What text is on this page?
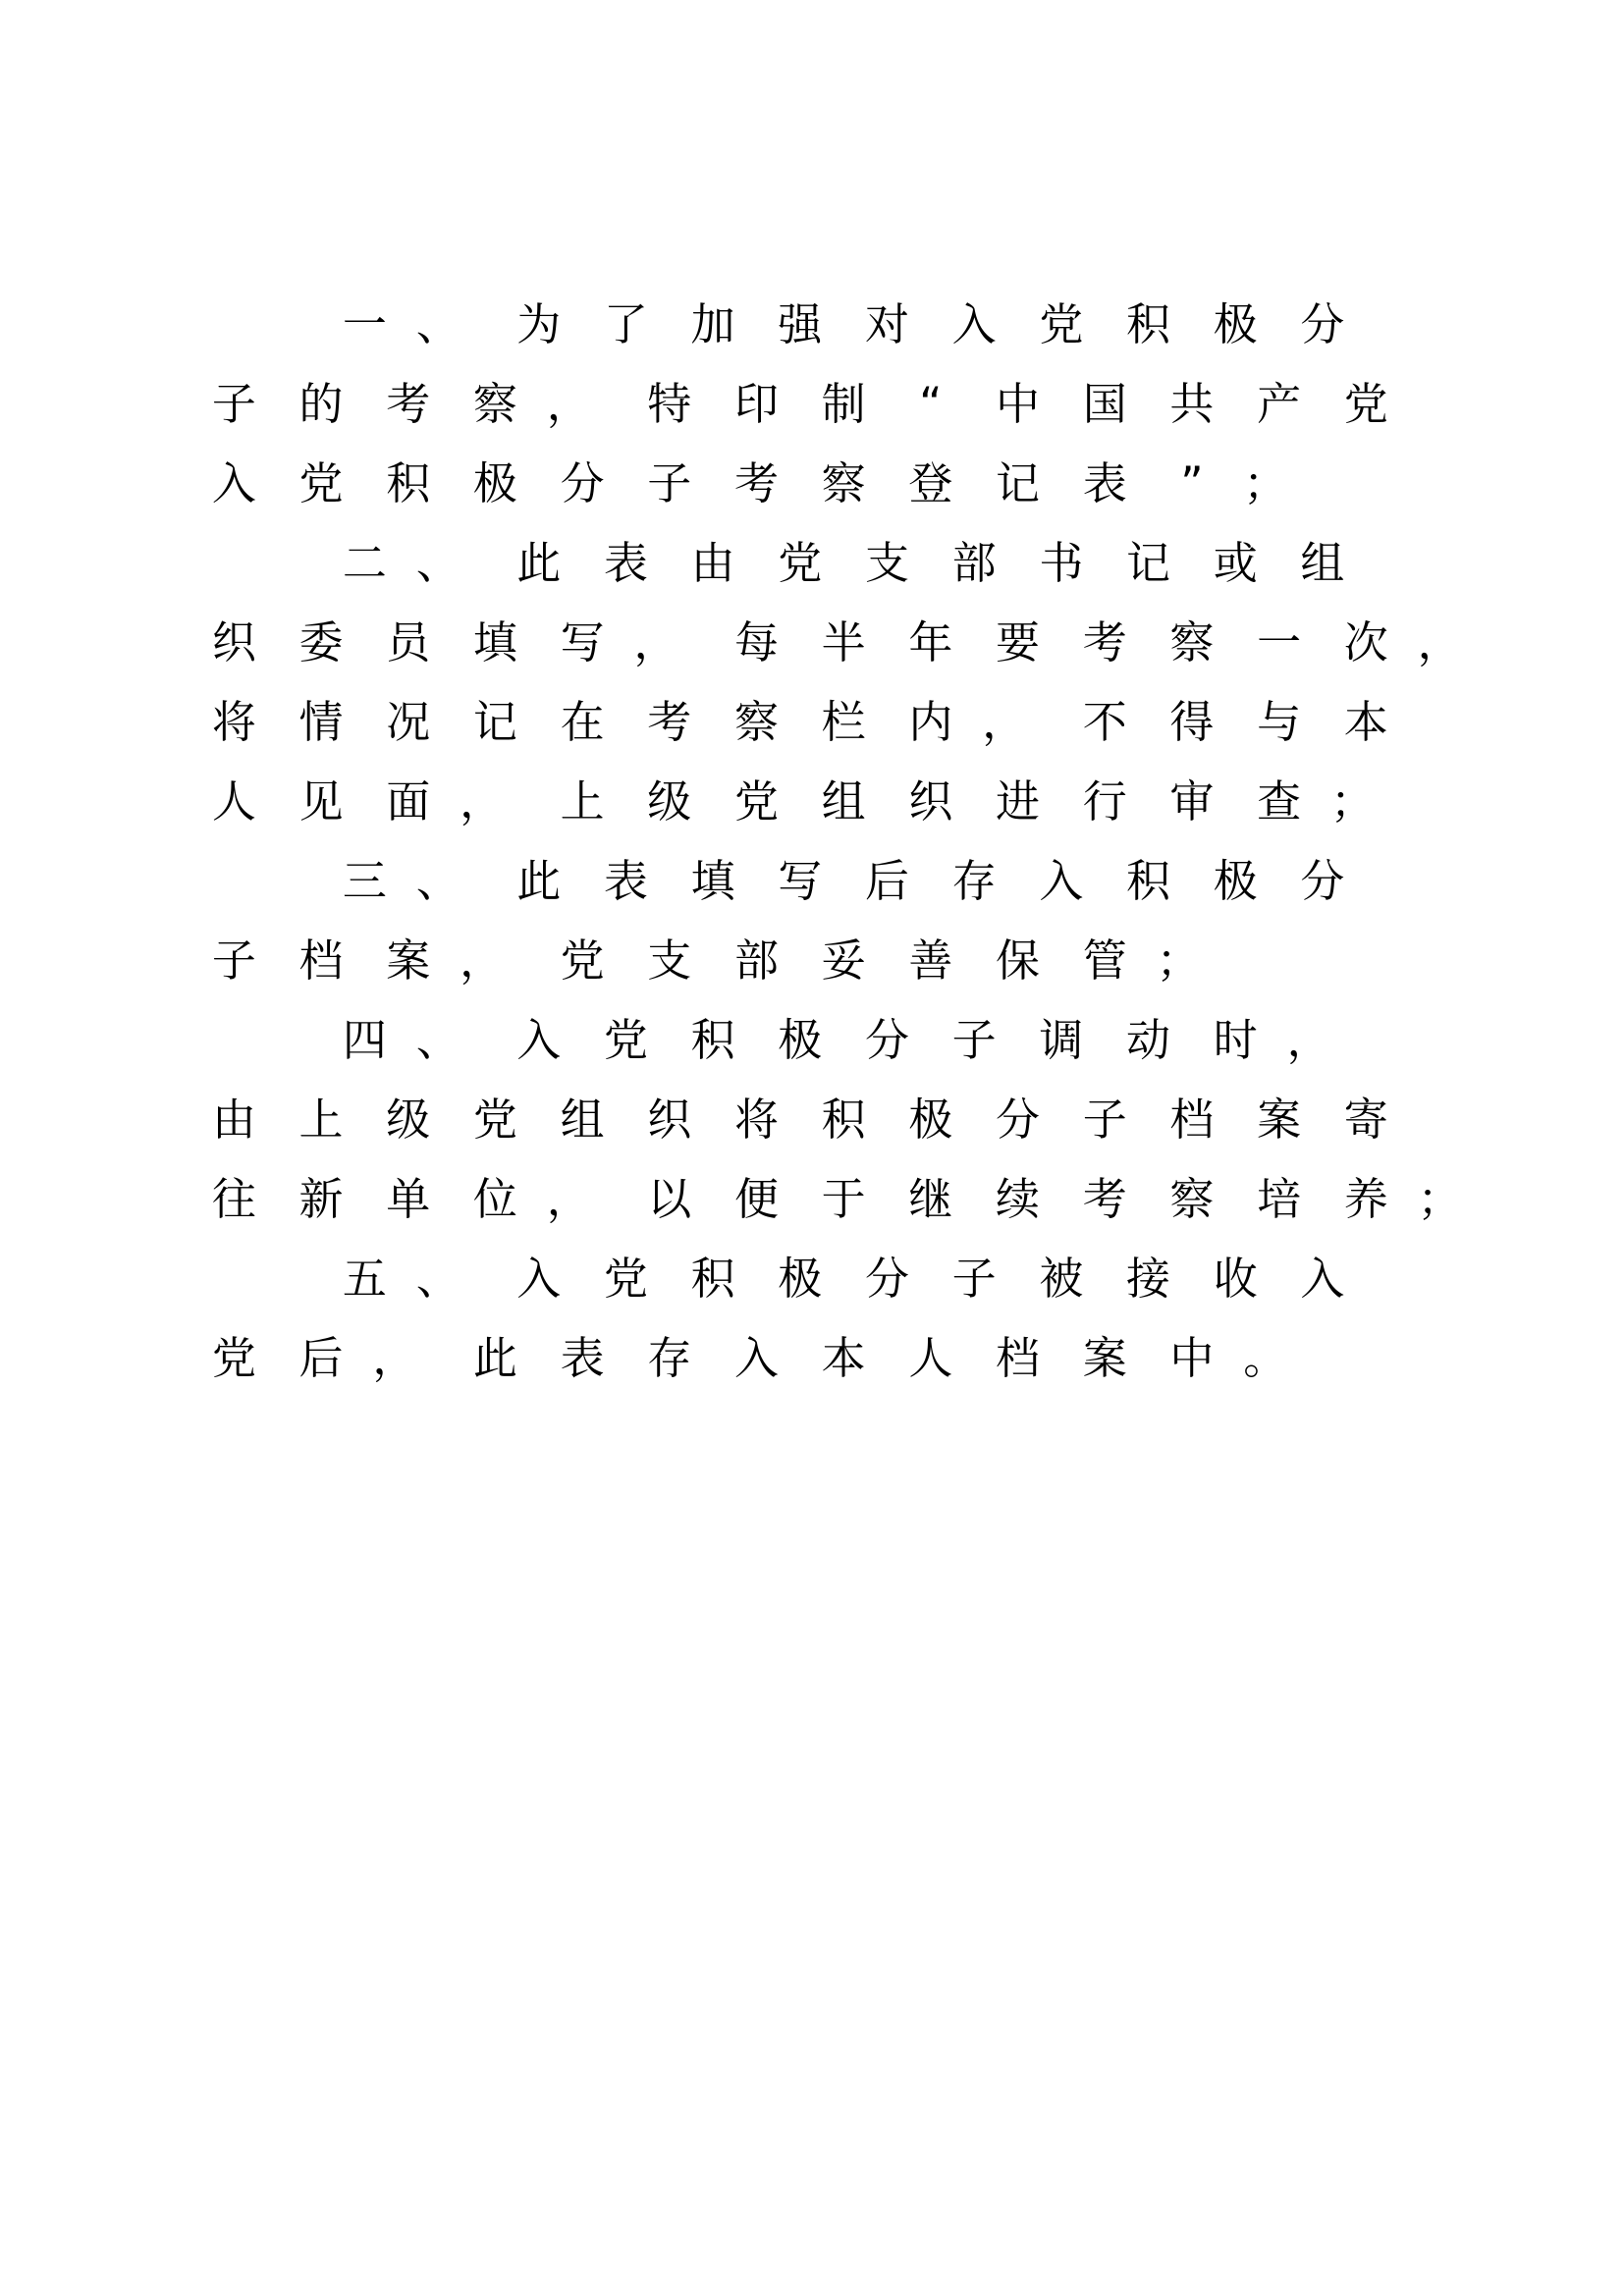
一 、	为 了 加 强 对 入 党 积 极 分
子 的 考 察 ，	特 印 制	“	中 国 共 产 党
入 党 积 极 分 子 考 察 登 记 表	” ；
二 、	此 表 由 党 支 部 书 记 或 组
织 委 员 填 写 ，	每 半 年 要 考 察 一 次 ，
将 情 况 记 在 考 察 栏 内 ，	不 得 与 本
人 见 面 ，	上 级 党 组 织 进 行 审 查 ；
三 、	此 表 填 写 后 存 入 积 极 分
子 档 案 ，	党 支 部 妥 善 保 管 ；
四 、	入 党 积 极 分 子 调 动 时 ，
由 上 级 党 组 织 将 积 极 分 子 档 案 寄
往 新 单 位 ，	以 便 于 继 续 考 察 培 养 ；
五 、	入 党 积 极 分 子 被 接 收 入
党 后 ，	此 表 存 入 本 人 档 案 中 。
